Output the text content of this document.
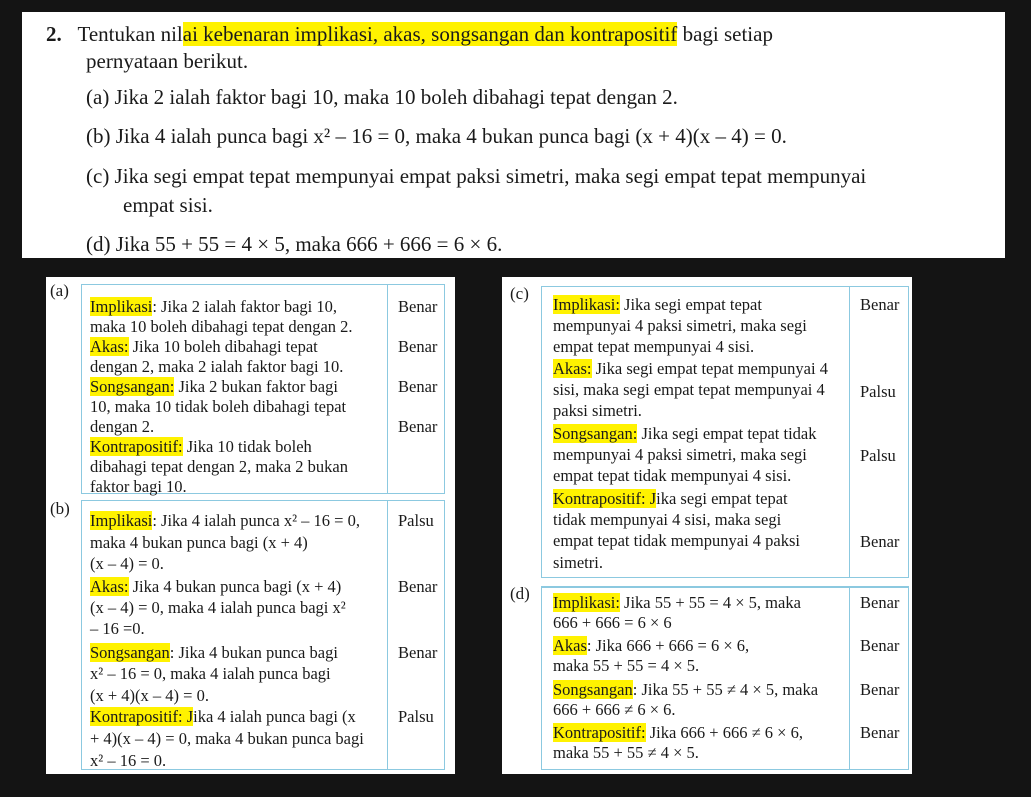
2. Tentukan nilai kebenaran implikasi, akas, songsangan dan kontrapositif bagi setiap
pernyataan berikut.
(a) Jika 2 ialah faktor bagi 10, maka 10 boleh dibahagi tepat dengan 2.
(b) Jika 4 ialah punca bagi x² – 16 = 0, maka 4 bukan punca bagi (x + 4)(x – 4) = 0.
(c) Jika segi empat tepat mempunyai empat paksi simetri, maka segi empat tepat mempunyai
empat sisi.
(d) Jika 55 + 55 = 4 × 5, maka 666 + 666 = 6 × 6.
(a)
Implikasi: Jika 2 ialah faktor bagi 10,
maka 10 boleh dibahagi tepat dengan 2.
Akas: Jika 10 boleh dibahagi tepat
dengan 2, maka 2 ialah faktor bagi 10.
Songsangan: Jika 2 bukan faktor bagi
10, maka 10 tidak boleh dibahagi tepat
dengan 2.
Kontrapositif: Jika 10 tidak boleh
dibahagi tepat dengan 2, maka 2 bukan
faktor bagi 10.
Benar
Benar
Benar
Benar
(b)
Implikasi: Jika 4 ialah punca x² – 16 = 0,
maka 4 bukan punca bagi (x + 4)
(x – 4) = 0.
Akas: Jika 4 bukan punca bagi (x + 4)
(x – 4) = 0, maka 4 ialah punca bagi x²
– 16 =0.
Songsangan: Jika 4 bukan punca bagi
x² – 16 = 0, maka 4 ialah punca bagi
(x + 4)(x – 4) = 0.
Kontrapositif: Jika 4 ialah punca bagi (x
+ 4)(x – 4) = 0, maka 4 bukan punca bagi
x² – 16 = 0.
Palsu
Benar
Benar
Palsu
(c)
Implikasi: Jika segi empat tepat
mempunyai 4 paksi simetri, maka segi
empat tepat mempunyai 4 sisi.
Akas: Jika segi empat tepat mempunyai 4
sisi, maka segi empat tepat mempunyai 4
paksi simetri.
Songsangan: Jika segi empat tepat tidak
mempunyai 4 paksi simetri, maka segi
empat tepat tidak mempunyai 4 sisi.
Kontrapositif: Jika segi empat tepat
tidak mempunyai 4 sisi, maka segi
empat tepat tidak mempunyai 4 paksi
simetri.
Benar
Palsu
Palsu
Benar
(d) Implikasi: Jika 55 + 55 = 4 × 5, maka
666 + 666 = 6 × 6
Akas: Jika 666 + 666 = 6 × 6,
maka 55 + 55 = 4 × 5.
Songsangan: Jika 55 + 55 ≠ 4 × 5, maka
666 + 666 ≠ 6 × 6.
Kontrapositif: Jika 666 + 666 ≠ 6 × 6,
maka 55 + 55 ≠ 4 × 5.
Benar
Benar
Benar
Benar
